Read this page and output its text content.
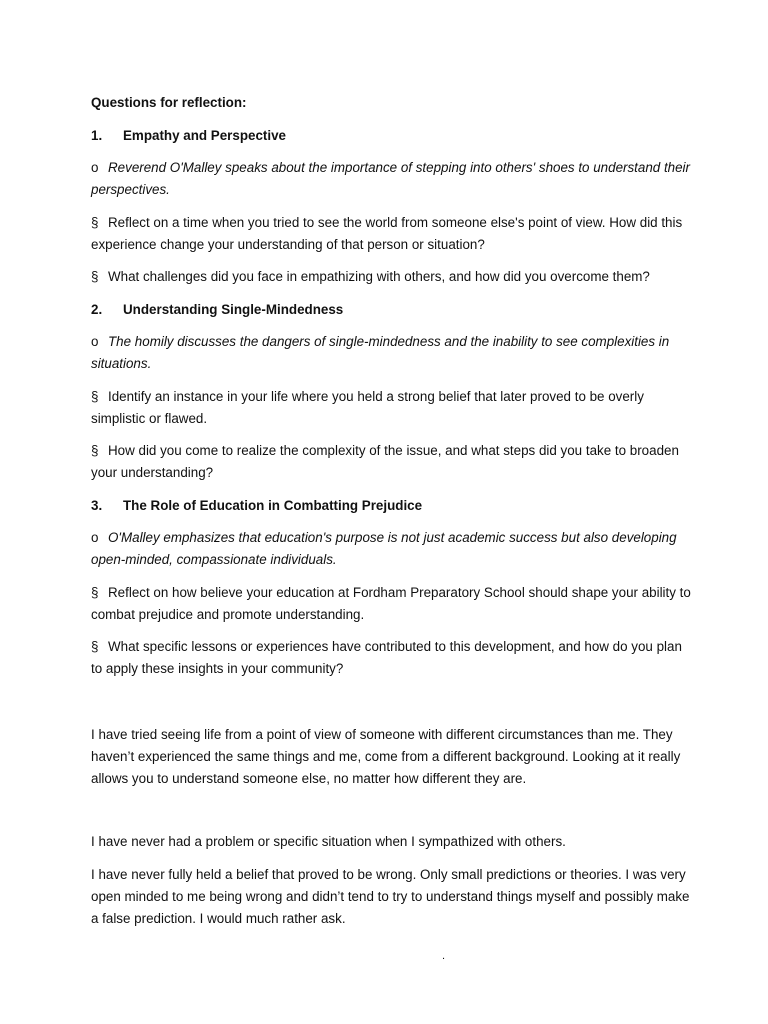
Questions for reflection:

1. Empathy and Perspective

o Reverend O'Malley speaks about the importance of stepping into others' shoes to understand their perspectives.

§ Reflect on a time when you tried to see the world from someone else's point of view. How did this experience change your understanding of that person or situation?

§ What challenges did you face in empathizing with others, and how did you overcome them?

2. Understanding Single-Mindedness

o The homily discusses the dangers of single-mindedness and the inability to see complexities in situations.

§ Identify an instance in your life where you held a strong belief that later proved to be overly simplistic or flawed.

§ How did you come to realize the complexity of the issue, and what steps did you take to broaden your understanding?

3. The Role of Education in Combatting Prejudice

o O'Malley emphasizes that education's purpose is not just academic success but also developing open-minded, compassionate individuals.

§ Reflect on how believe your education at Fordham Preparatory School should shape your ability to combat prejudice and promote understanding.

§ What specific lessons or experiences have contributed to this development, and how do you plan to apply these insights in your community?

I have tried seeing life from a point of view of someone with different circumstances than me. They haven’t experienced the same things and me, come from a different background. Looking at it really allows you to understand someone else, no matter how different they are.

I have never had a problem or specific situation when I sympathized with others.

I have never fully held a belief that proved to be wrong. Only small predictions or theories. I was very open minded to me being wrong and didn’t tend to try to understand things myself and possibly make a false prediction. I would much rather ask.

.
